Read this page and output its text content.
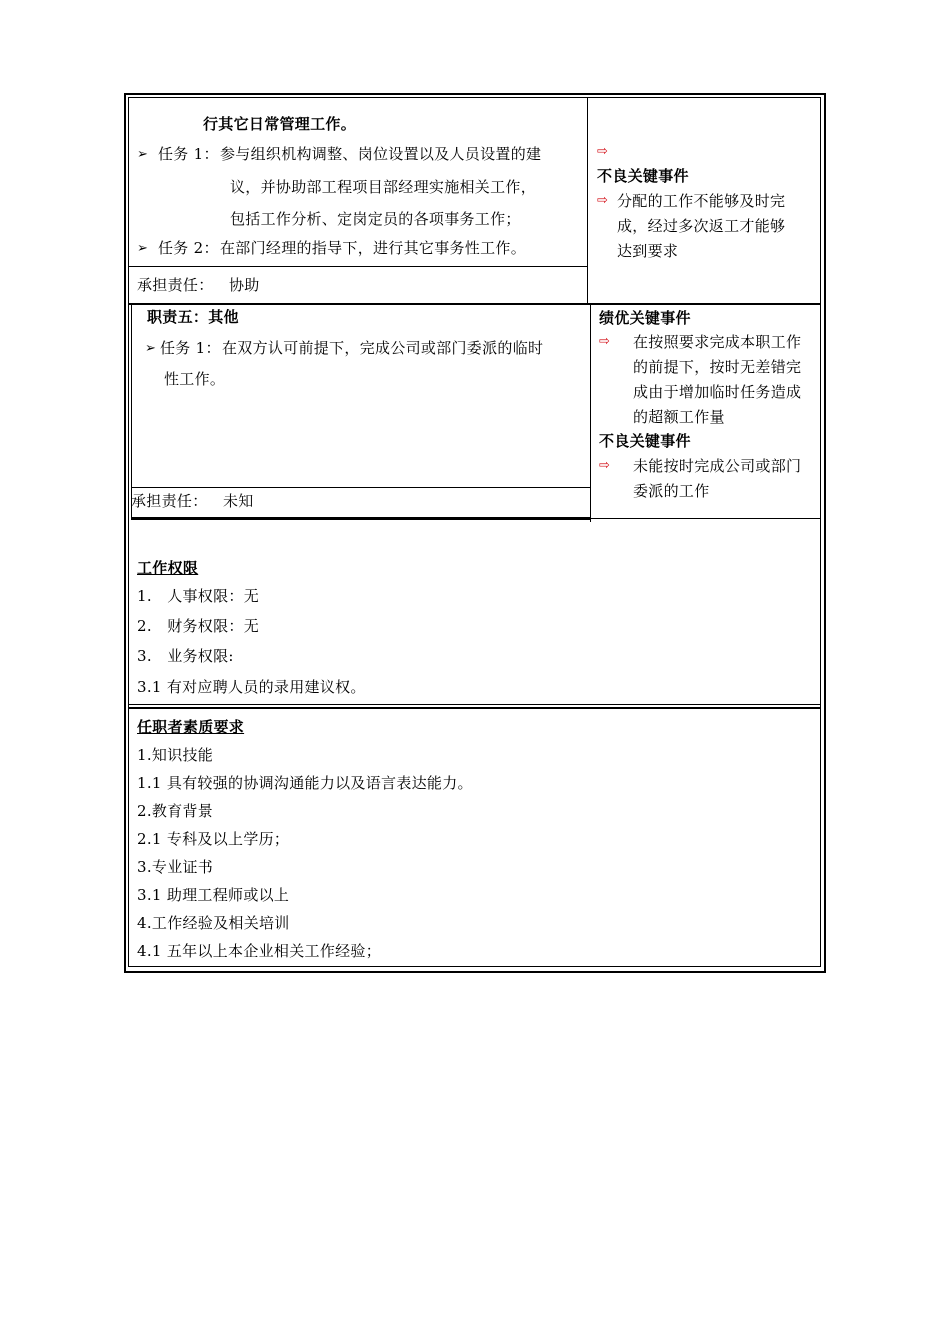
行其它日常管理工作。
➢ 任务 1： 参与组织机构调整、岗位设置以及人员设置的建
议，并协助部工程项目部经理实施相关工作，
包括工作分析、定岗定员的各项事务工作；
➢ 任务 2： 在部门经理的指导下，进行其它事务性工作。
承担责任： 协助
⇨
不良关键事件
⇨ 分配的工作不能够及时完
成，经过多次返工才能够
达到要求
职责五：其他
➢ 任务 1： 在双方认可前提下，完成公司或部门委派的临时
性工作。
承担责任： 未知
绩优关键事件
⇨ 在按照要求完成本职工作
的前提下，按时无差错完
成由于增加临时任务造成
的超额工作量
不良关键事件
⇨ 未能按时完成公司或部门
委派的工作
工作权限
1.　人事权限：无
2.　财务权限：无
3.　业务权限:
3.1 有对应聘人员的录用建议权。
任职者素质要求
1.知识技能
1.1 具有较强的协调沟通能力以及语言表达能力。
2.教育背景
2.1 专科及以上学历；
3.专业证书
3.1 助理工程师或以上
4.工作经验及相关培训
4.1 五年以上本企业相关工作经验；
